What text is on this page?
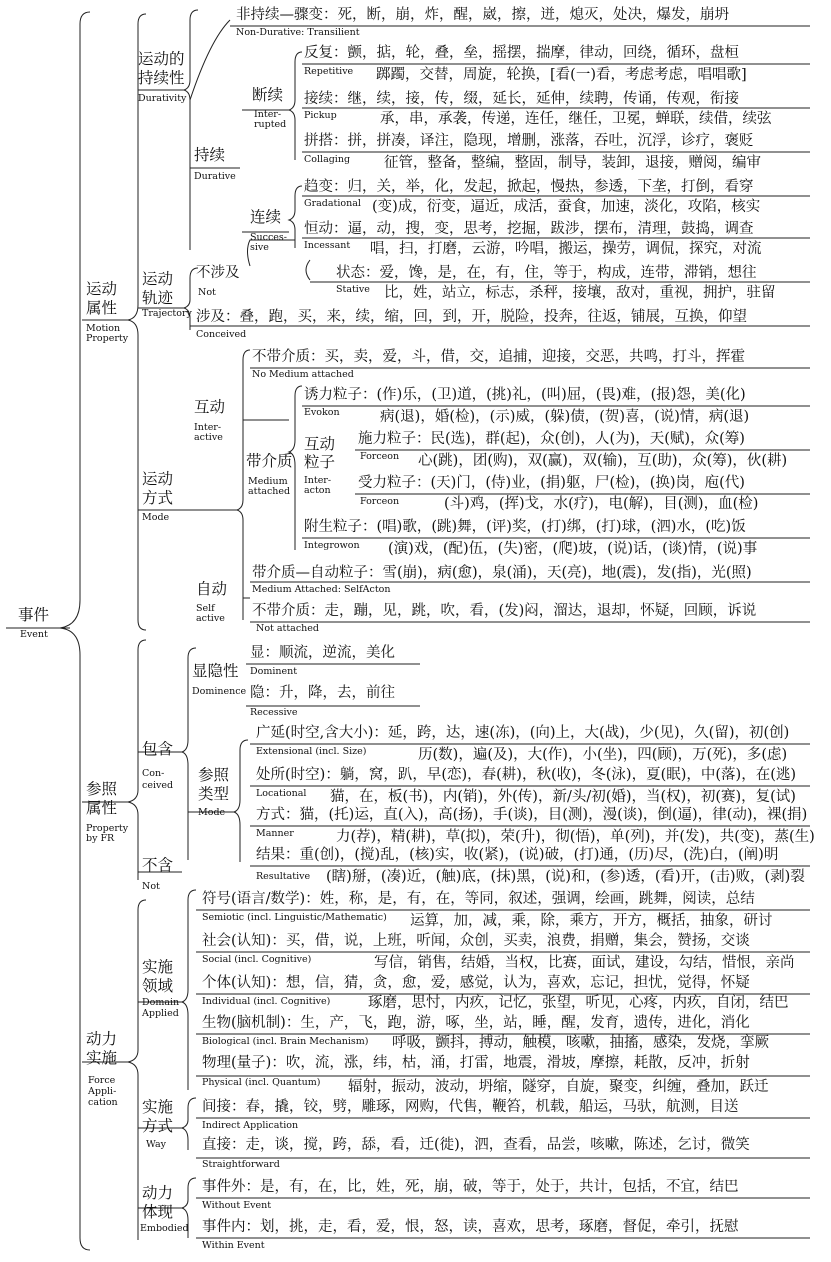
事件
Event
运动
属性
Motion
Property
运动的
持续性
Durativity
非持续—骤变：死，断，崩，炸，醒，崴，擦，迸，熄灭，处决，爆发，崩坍
Non-Durative: Transilient
持续
Durative
断续
Inter-
rupted
反复：颤，掂，轮，叠，垒，摇摆，揣摩，律动，回绕，循环，盘桓
Repetitive 踯躅，交替，周旋，轮换，[看(一)看，考虑考虑，唱唱歌]
接续：继，续，接，传，缀，延长，延伸，续聘，传诵，传观，衔接
Pickup	承，串，承袭，传递，连任，继任，卫冕，蝉联，续借，续弦
拼搭：拼，拼凑，译注，隐现，增删，涨落，吞吐，沉浮，诊疗，褒贬
Collaging 征管，整备，整编，整固，制导，装卸，退接，赠阅，编审
连续
Succes-
sive
趋变：归，关，举，化，发起，掀起，慢热，参透，下垄，打倒，看穿
Gradational (变)成，衍变，逼近，成活，蚕食，加速，淡化，攻陷，核实
恒动：逼，动，搜，变，思考，挖掘，跋涉，摆布，清理，鼓捣，调查
Incessant 唱，扫，打磨，云游，吟唱，搬运，操劳，调侃，探究，对流
运动
轨迹
Trajectory
不涉及
Not
状态：爱，馋，是，在，有，住，等于，构成，连带，滞销，想往
Stative 比，姓，站立，标志，杀秤，接壤，敌对，重视，拥护，驻留
涉及：叠，跑，买，来，续，缩，回，到，开，脱险，投奔，往返，铺展，互换，仰望
Conceived
运动
方式
Mode
不带介质：买，卖，爱，斗，借，交，追捕，迎接，交恶，共鸣，打斗，挥霍
No Medium attached
互动
Inter-
active
带介质
Medium
attached
诱力粒子：(作)乐，(卫)道，(挑)礼，(叫)屈，(畏)难，(报)怨，美(化)
Evokon	病(退)，婚(检)，(示)威，(躲)债，(贺)喜，(说)情，病(退)
互动
粒子
Inter-
acton
施力粒子：民(选)，群(起)，众(创)，人(为)，天(赋)，众(筹)
Forceon 心(跳)，团(购)，双(赢)，双(输)，互(助)，众(筹)，伙(耕)
受力粒子：(天)门，(侍)业，(捐)躯，尸(检)，(换)岗，庖(代)
Forceon	(斗)鸡，(挥)戈，水(疗)，电(解)，目(测)，血(检)
附生粒子：(唱)歌，(跳)舞，(评)奖，(打)绑，(打)球，(泗)水，(吃)饭
Integrowon (演)戏，(配)伍，(失)密，(爬)坡，(说)话，(谈)情，(说)事
自动
Self
active
带介质—自动粒子：雪(崩)，病(愈)，泉(涌)，天(亮)，地(震)，发(指)，光(照)
Medium Attached: SelfActon
不带介质：走，蹦，见，跳，吹，看，(发)闷，溜达，退却，怀疑，回顾，诉说
Not attached
参照
属性
Property
by FR
包含
Con-
ceived
不含
Not
显隐性
Dominence
显：顺流，逆流，美化
Dominent
隐：升，降，去，前往
Recessive
参照
类型
Mode
广延(时空,含大小)：延，跨，达，速(冻)，(向)上，大(战)，少(见)，久(留)，初(创)
Extensional (incl. Size)	历(数)，遍(及)，大(作)，小(坐)，四(顾)，万(死)，多(虑)
处所(时空)：躺，窝，趴，早(恋)，春(耕)，秋(收)，冬(泳)，夏(眠)，中(落)，在(逃)
Locational 猫，在，板(书)，内(销)，外(传)，新/头/初(婚)，当(权)，初(赛)，复(试)
方式：猫，(托)运，直(入)，高(扬)，手(谈)，目(测)，漫(谈)，倒(逼)，律(动)，裸(捐)
Manner	力(荐)，精(耕)，草(拟)，荣(升)，彻(悟)，单(列)，并(发)，共(变)，蒸(生)
结果：重(创)，(搅)乱，(核)实，收(紧)，(说)破，(打)通，(历)尽，(洗)白，(阐)明
Resultative (瞎)掰，(凑)近，(触)底，(抹)黑，(说)和，(参)透，(看)开，(击)败，(剥)裂
动力
实施
Force
Appli-
cation
实施
领域
Domain
Applied
符号(语言/数学)：姓，称，是，有，在，等同，叙述，强调，绘画，跳舞，阅读，总结
Semiotic (incl. Linguistic/Mathematic) 运算，加，减，乘，除，乘方，开方，概括，抽象，研讨
社会(认知)：买，借，说，上班，听闻，众创，买卖，浪费，捐赠，集会，赞扬，交谈
Social (incl. Cognitive)	写信，销售，结婚，当权，比赛，面试，建设，勾结，惜恨，亲尚
个体(认知)：想，信，猜，贪，愈，爱，感觉，认为，喜欢，忘记，担忧，觉得，怀疑
Individual (incl. Cognitive)	琢磨，思忖，内疚，记忆，张望，听见，心疼，内疚，自闭，结巴
生物(脑机制)：生，产，飞，跑，游，啄，坐，站，睡，醒，发育，遗传，进化，消化
Biological (incl. Brain Mechanism) 呼吸，颤抖，搏动，触模，咳嗽，抽搐，感染，发烧，挛厥
物理(量子)：吹，流，涨，纬，枯，涌，打雷，地震，滑坡，摩擦，耗散，反冲，折射
Physical (incl. Quantum) 辐射，振动，波动，坍缩，隧穿，自旋，聚变，纠缠，叠加，跃迁
实施
方式
Way
间接：春，撬，铰，劈，雕琢，网购，代售，鞭笞，机载，船运，马驮，航测，目送
Indirect Application
直接：走，谈，搅，跨，舔，看，迁(徙)，泗，查看，品尝，咳嗽，陈述，乞讨，微笑
Straightforward
动力
体现
Embodied
事件外：是，有，在，比，姓，死，崩，破，等于，处于，共计，包括，不宜，结巴
Without Event
事件内：划，挑，走，看，爱，恨，怒，读，喜欢，思考，琢磨，督促，牵引，抚慰
Within Event
